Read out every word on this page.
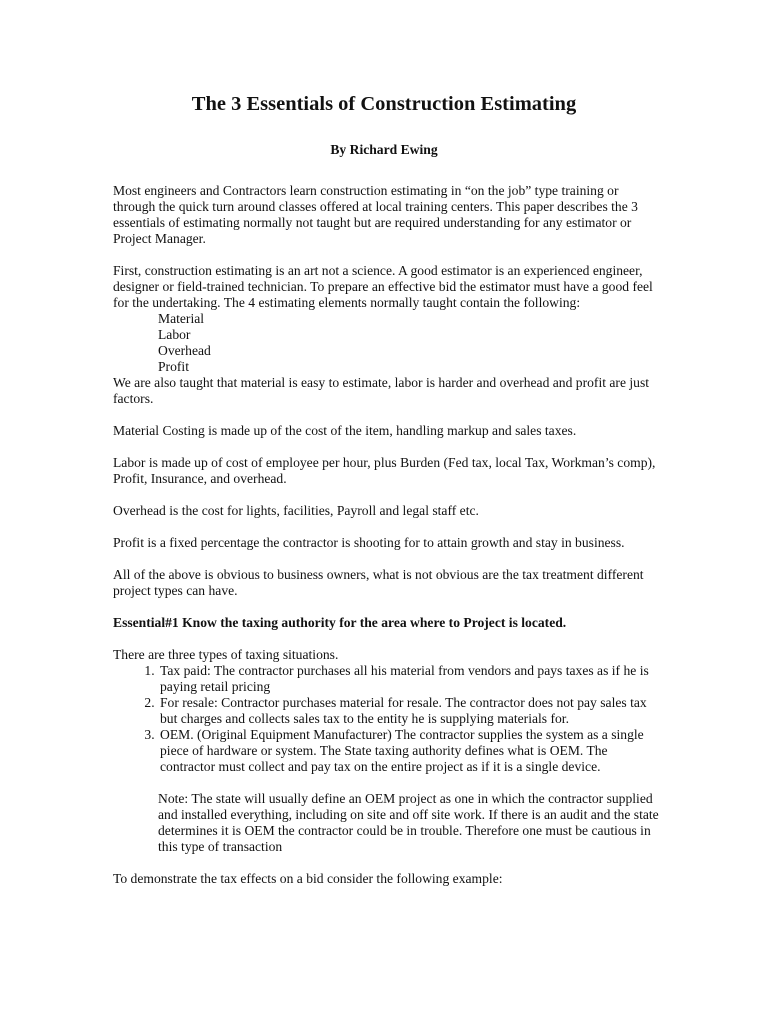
The 3 Essentials of Construction Estimating
By Richard Ewing

Most engineers and Contractors learn construction estimating in “on the job” type training or through the quick turn around classes offered at local training centers. This paper describes the 3 essentials of estimating normally not taught but are required understanding for any estimator or Project Manager.

First, construction estimating is an art not a science. A good estimator is an experienced engineer, designer or field-trained technician. To prepare an effective bid the estimator must have a good feel for the undertaking. The 4 estimating elements normally taught contain the following:

Material
Labor
Overhead
Profit

We are also taught that material is easy to estimate, labor is harder and overhead and profit are just factors.

Material Costing is made up of the cost of the item, handling markup and sales taxes.

Labor is made up of cost of employee per hour, plus Burden (Fed tax, local Tax, Workman’s comp), Profit, Insurance, and overhead.

Overhead is the cost for lights, facilities, Payroll and legal staff etc.

Profit is a fixed percentage the contractor is shooting for to attain growth and stay in business.

All of the above is obvious to business owners, what is not obvious are the tax treatment different project types can have.

Essential#1 Know the taxing authority for the area where to Project is located.

There are three types of taxing situations.

1. Tax paid: The contractor purchases all his material from vendors and pays taxes as if he is paying retail pricing
2. For resale: Contractor purchases material for resale. The contractor does not pay sales tax but charges and collects sales tax to the entity he is supplying materials for.
3. OEM. (Original Equipment Manufacturer) The contractor supplies the system as a single piece of hardware or system. The State taxing authority defines what is OEM. The contractor must collect and pay tax on the entire project as if it is a single device.

Note: The state will usually define an OEM project as one in which the contractor supplied and installed everything, including on site and off site work. If there is an audit and the state determines it is OEM the contractor could be in trouble. Therefore one must be cautious in this type of transaction

To demonstrate the tax effects on a bid consider the following example:
